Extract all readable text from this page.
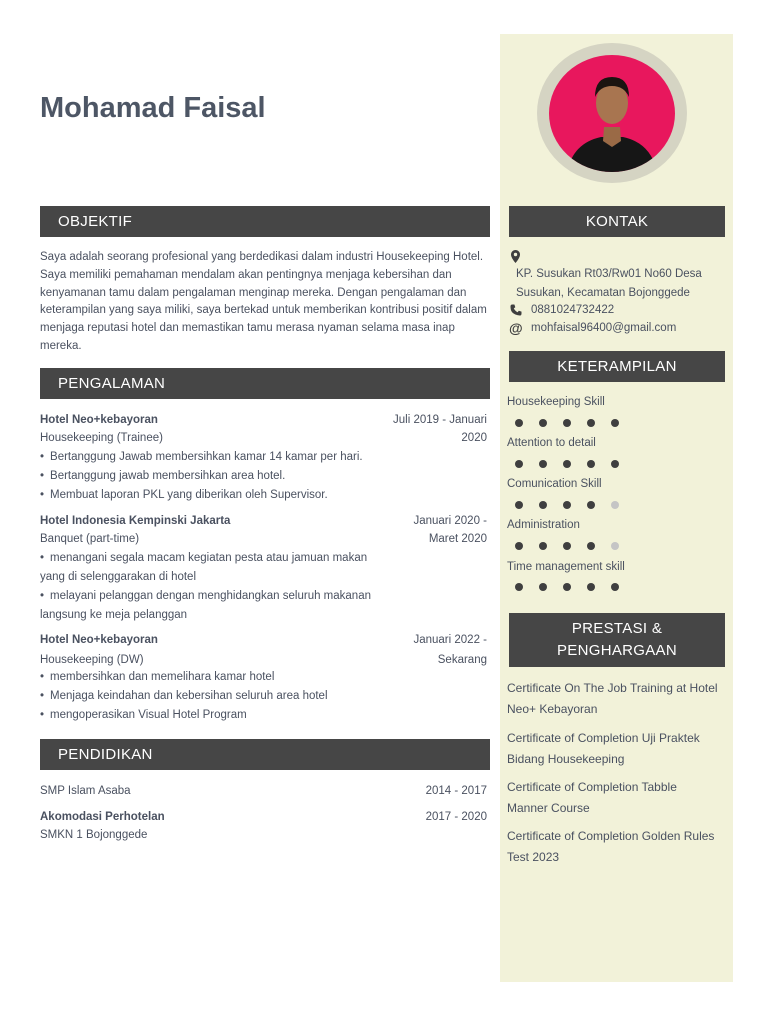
Mohamad Faisal
OBJEKTIF

Saya adalah seorang profesional yang berdedikasi dalam industri Housekeeping Hotel. Saya memiliki pemahaman mendalam akan pentingnya menjaga kebersihan dan kenyamanan tamu dalam pengalaman menginap mereka. Dengan pengalaman dan keterampilan yang saya miliki, saya bertekad untuk memberikan kontribusi positif dalam menjaga reputasi hotel dan memastikan tamu merasa nyaman selama masa inap mereka.

PENGALAMAN
Hotel Neo+kebayoran	Juli 2019 - Januari
Housekeeping (Trainee)	2020
• Bertanggung Jawab membersihkan kamar 14 kamar per hari.
• Bertanggung jawab membersihkan area hotel.
• Membuat laporan PKL yang diberikan oleh Supervisor.
Hotel Indonesia Kempinski Jakarta	Januari 2020 -
Banquet (part-time)	Maret 2020
• menangani segala macam kegiatan pesta atau jamuan makan
yang di selenggarakan di hotel
• melayani pelanggan dengan menghidangkan seluruh makanan
langsung ke meja pelanggan
Hotel Neo+kebayoran	Januari 2022 -
Housekeeping (DW)	Sekarang
• membersihkan dan memelihara kamar hotel
• Menjaga keindahan dan kebersihan seluruh area hotel
• mengoperasikan Visual Hotel Program
PENDIDIKAN
SMP Islam Asaba	2014 - 2017
Akomodasi Perhotelan	2017 - 2020
SMKN 1 Bojonggede
KONTAK
KP. Susukan Rt03/Rw01 No60 Desa
Susukan, Kecamatan Bojonggede
0881024732422
@ mohfaisal96400@gmail.com
KETERAMPILAN
Housekeeping Skill
Attention to detail
Comunication Skill
Administration
Time management skill
PRESTASI &
PENGHARGAAN

Certificate On The Job Training at Hotel
Neo+ Kebayoran

Certificate of Completion Uji Praktek
Bidang Housekeeping

Certificate of Completion Tabble
Manner Course

Certificate of Completion Golden Rules
Test 2023
